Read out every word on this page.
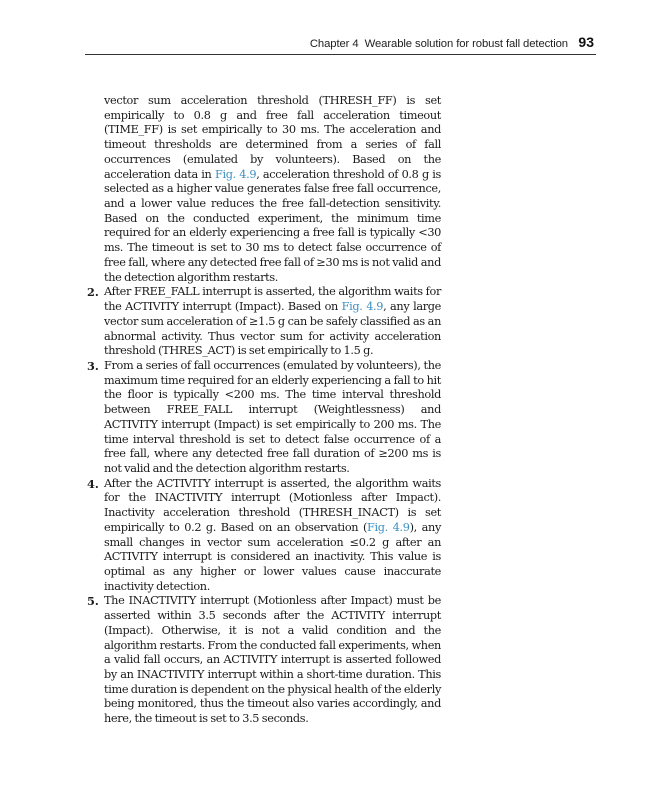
Chapter 4 Wearable solution for robust fall detection 93

vector sum acceleration threshold (THRESH_FF) is set empirically to 0.8 g and free fall acceleration timeout (TIME_FF) is set empirically to 30 ms. The acceleration and timeout thresholds are determined from a series of fall occurrences (emulated by volunteers). Based on the acceleration data in Fig. 4.9, acceleration threshold of 0.8 g is selected as a higher value generates false free fall occurrence, and a lower value reduces the free fall-detection sensitivity. Based on the conducted experiment, the minimum time required for an elderly experiencing a free fall is typically <30 ms. The timeout is set to 30 ms to detect false occurrence of free fall, where any detected free fall of ≥30 ms is not valid and the detection algorithm restarts.

2. After FREE_FALL interrupt is asserted, the algorithm waits for the ACTIVITY interrupt (Impact). Based on Fig. 4.9, any large vector sum acceleration of ≥1.5 g can be safely classified as an abnormal activity. Thus vector sum for activity acceleration threshold (THRES_ACT) is set empirically to 1.5 g.
3. From a series of fall occurrences (emulated by volunteers), the maximum time required for an elderly experiencing a fall to hit the floor is typically <200 ms. The time interval threshold between FREE_FALL interrupt (Weightlessness) and ACTIVITY interrupt (Impact) is set empirically to 200 ms. The time interval threshold is set to detect false occurrence of a free fall, where any detected free fall duration of ≥200 ms is not valid and the detection algorithm restarts.
4. After the ACTIVITY interrupt is asserted, the algorithm waits for the INACTIVITY interrupt (Motionless after Impact). Inactivity acceleration threshold (THRESH_INACT) is set empirically to 0.2 g. Based on an observation (Fig. 4.9), any small changes in vector sum acceleration ≤0.2 g after an ACTIVITY interrupt is considered an inactivity. This value is optimal as any higher or lower values cause inaccurate inactivity detection.
5. The INACTIVITY interrupt (Motionless after Impact) must be asserted within 3.5 seconds after the ACTIVITY interrupt (Impact). Otherwise, it is not a valid condition and the algorithm restarts. From the conducted fall experiments, when a valid fall occurs, an ACTIVITY interrupt is asserted followed by an INACTIVITY interrupt within a short-time duration. This time duration is dependent on the physical health of the elderly being monitored, thus the timeout also varies accordingly, and here, the timeout is set to 3.5 seconds.
